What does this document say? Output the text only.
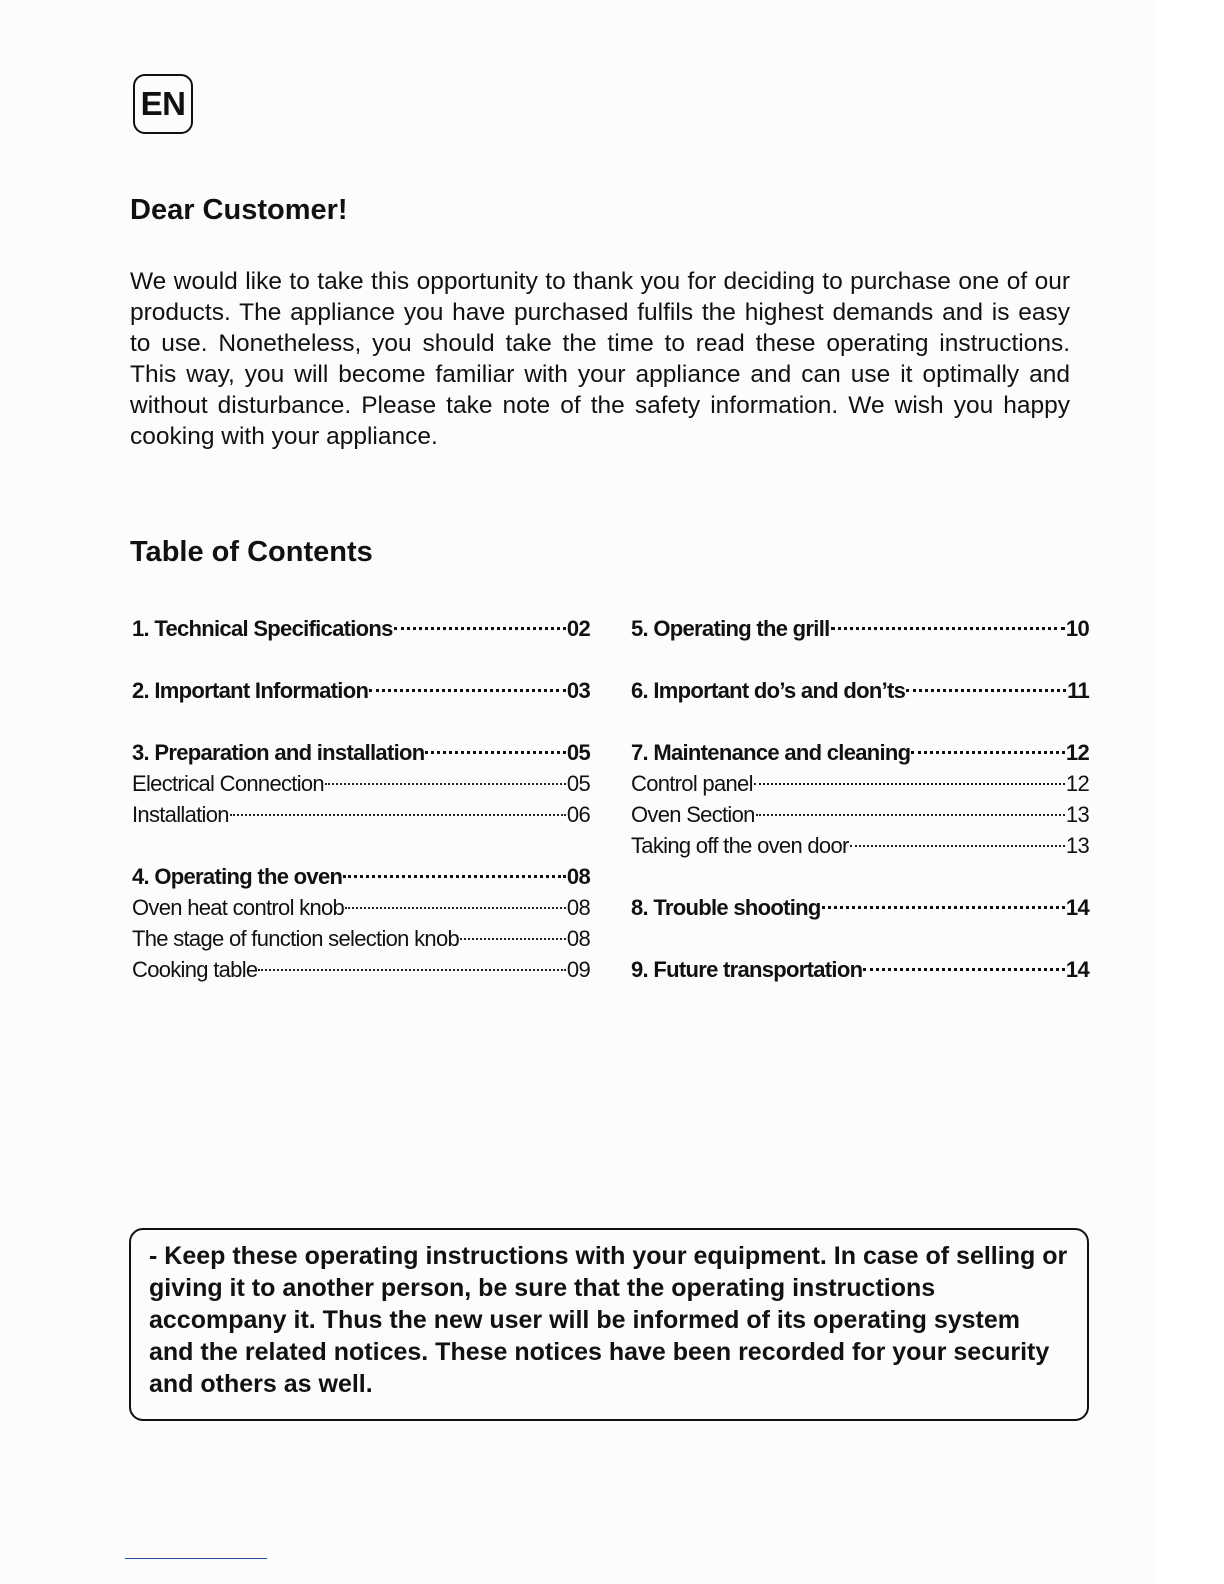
EN
Dear Customer!

We would like to take this opportunity to thank you for deciding to purchase one of our products. The appliance you have purchased fulfils the highest demands and is easy to use. Nonetheless, you should take the time to read these operating instructions. This way, you will become familiar with your appliance and can use it optimally and without disturbance. Please take note of the safety information. We wish you happy cooking with your appliance.

Table of Contents
1. Technical Specifications	02
2. Important Information	03
3. Preparation and installation	05
Electrical Connection	05
Installation	06
4. Operating the oven	08
Oven heat control knob	08
The stage of function selection knob	08
Cooking table	09
5. Operating the grill	10
6. Important do’s and don’ts	11
7. Maintenance and cleaning	12
Control panel	12
Oven Section	13
Taking off the oven door	13
8. Trouble shooting	14
9. Future transportation	14
- Keep these operating instructions with your equipment. In case of selling or giving it to another person, be sure that the operating instructions accompany it. Thus the new user will be informed of its operating system and the related notices. These notices have been recorded for your security and others as well.
